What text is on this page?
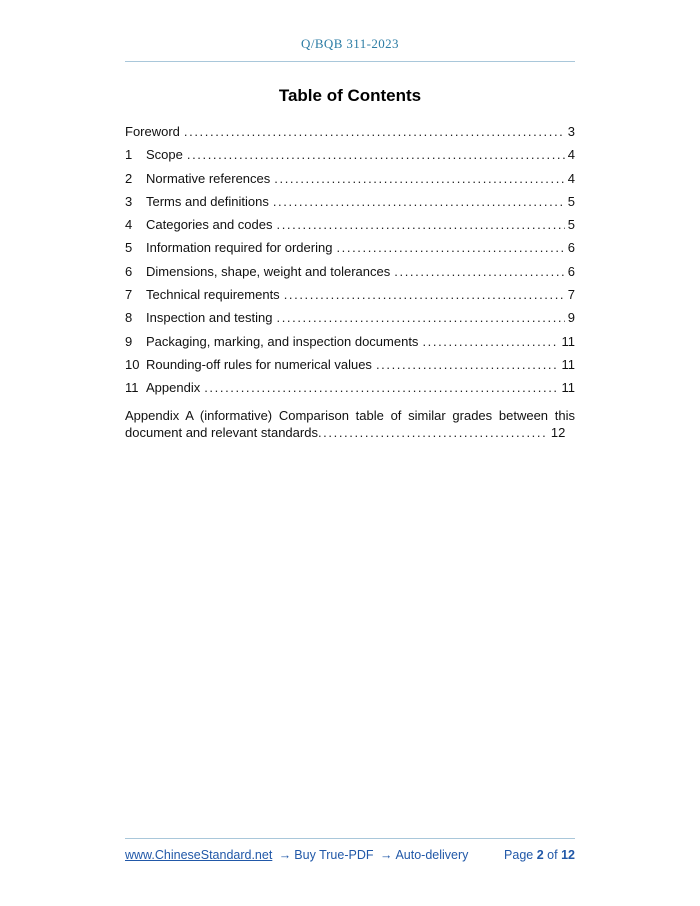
Q/BQB 311-2023
Table of Contents
Foreword .....	3
1	Scope .....	4
2	Normative references .....	4
3	Terms and definitions .....	5
4	Categories and codes .....	5
5	Information required for ordering .....	6
6	Dimensions, shape, weight and tolerances .....	6
7	Technical requirements .....	7
8	Inspection and testing .....	9
9	Packaging, marking, and inspection documents .....	11
10 Rounding-off rules for numerical values .....	11
11 Appendix .....	11

Appendix A (informative) Comparison table of similar grades between this document and relevant standards .....	12

www.ChineseStandard.net → Buy True-PDF → Auto-delivery	Page 2 of 12
